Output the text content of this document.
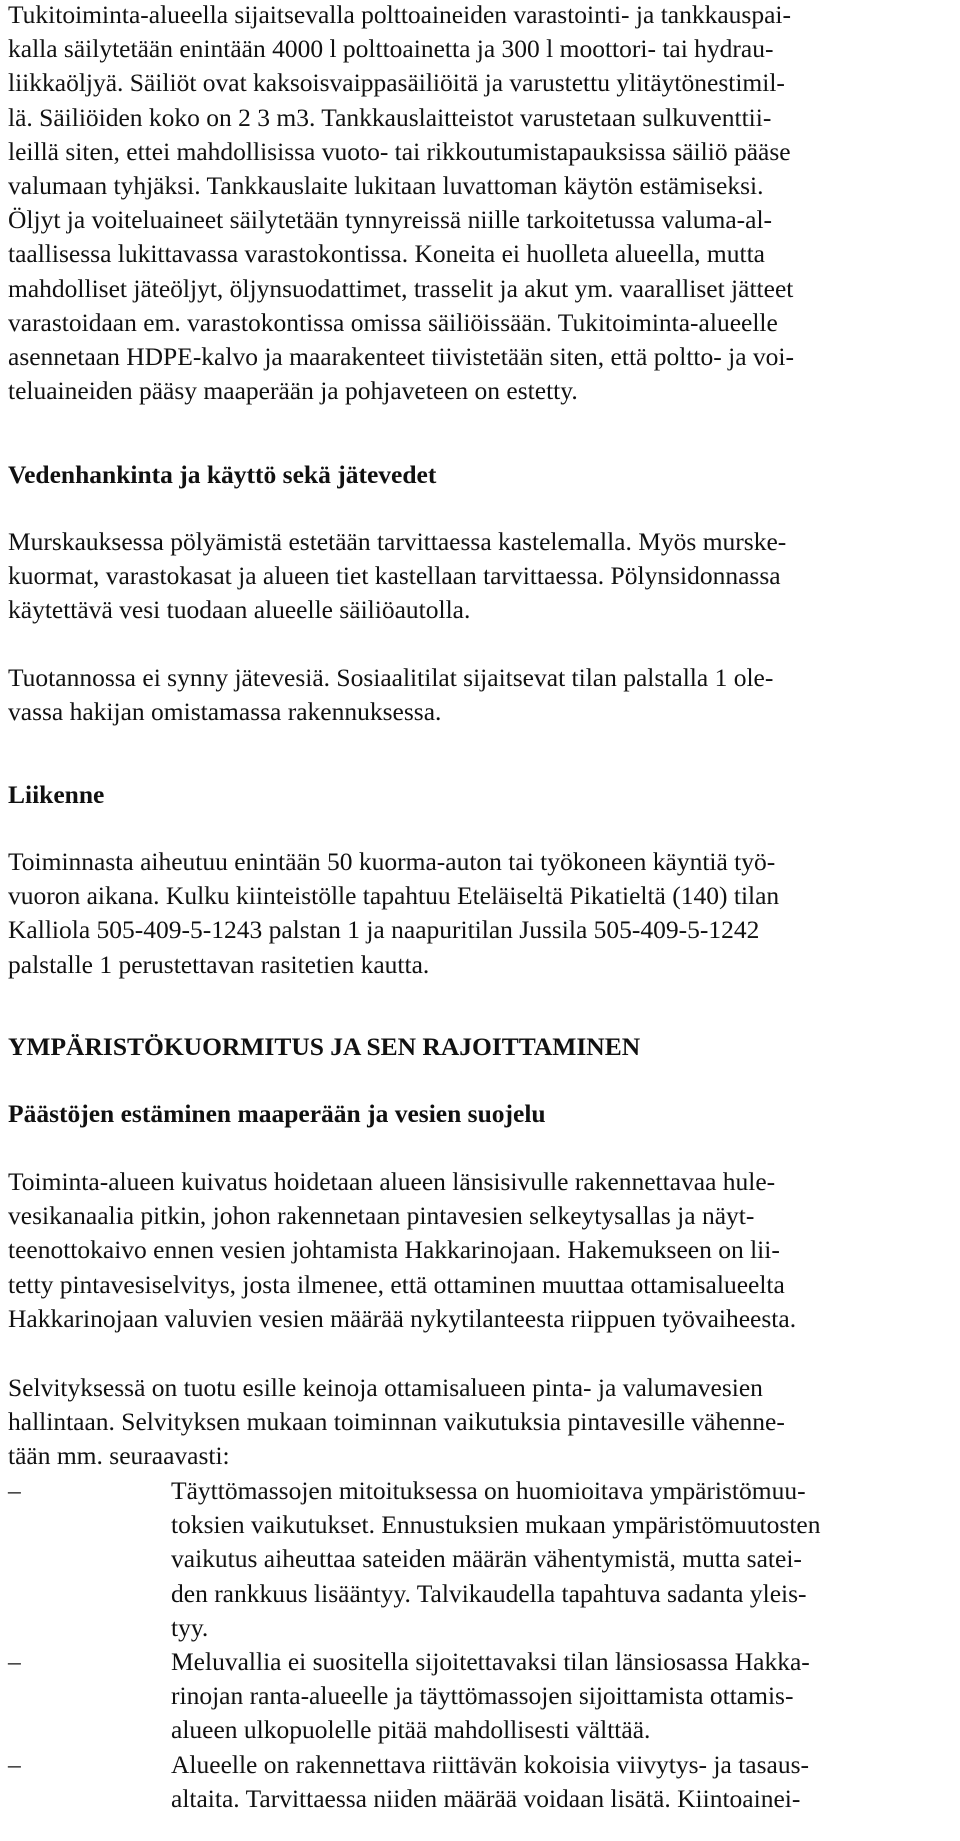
Tukitoiminta-alueella sijaitsevalla polttoaineiden varastointi- ja tankkauspai-
kalla säilytetään enintään 4000 l polttoainetta ja 300 l moottori- tai hydrau-
liikkaöljyä. Säiliöt ovat kaksoisvaippasäiliöitä ja varustettu ylitäytönestimil-
lä. Säiliöiden koko on 2 3 m3. Tankkauslaitteistot varustetaan sulkuventtii-
leillä siten, ettei mahdollisissa vuoto- tai rikkoutumistapauksissa säiliö pääse
valumaan tyhjäksi. Tankkauslaite lukitaan luvattoman käytön estämiseksi.
Öljyt ja voiteluaineet säilytetään tynnyreissä niille tarkoitetussa valuma-al-
taallisessa lukittavassa varastokontissa. Koneita ei huolleta alueella, mutta
mahdolliset jäteöljyt, öljynsuodattimet, trasselit ja akut ym. vaaralliset jätteet
varastoidaan em. varastokontissa omissa säiliöissään. Tukitoiminta-alueelle
asennetaan HDPE-kalvo ja maarakenteet tiivistetään siten, että poltto- ja voi-
teluaineiden pääsy maaperään ja pohjaveteen on estetty.
Vedenhankinta ja käyttö sekä jätevedet
Murskauksessa pölyämistä estetään tarvittaessa kastelemalla. Myös murske-
kuormat, varastokasat ja alueen tiet kastellaan tarvittaessa. Pölynsidonnassa
käytettävä vesi tuodaan alueelle säiliöautolla.
Tuotannossa ei synny jätevesiä. Sosiaalitilat sijaitsevat tilan palstalla 1 ole-
vassa hakijan omistamassa rakennuksessa.
Liikenne
Toiminnasta aiheutuu enintään 50 kuorma-auton tai työkoneen käyntiä työ-
vuoron aikana. Kulku kiinteistölle tapahtuu Eteläiseltä Pikatieltä (140) tilan
Kalliola 505-409-5-1243 palstan 1 ja naapuritilan Jussila 505-409-5-1242
palstalle 1 perustettavan rasitetien kautta.
YMPÄRISTÖKUORMITUS JA SEN RAJOITTAMINEN
Päästöjen estäminen maaperään ja vesien suojelu
Toiminta-alueen kuivatus hoidetaan alueen länsisivulle rakennettavaa hule-
vesikanaalia pitkin, johon rakennetaan pintavesien selkeytysallas ja näyt-
teenottokaivo ennen vesien johtamista Hakkarinojaan. Hakemukseen on lii-
tetty pintavesiselvitys, josta ilmenee, että ottaminen muuttaa ottamisalueelta
Hakkarinojaan valuvien vesien määrää nykytilanteesta riippuen työvaiheesta.
Selvityksessä on tuotu esille keinoja ottamisalueen pinta- ja valumavesien
hallintaan. Selvityksen mukaan toiminnan vaikutuksia pintavesille vähenne-
tään mm. seuraavasti:
–	Täyttömassojen mitoituksessa on huomioitava ympäristömuu-
toksien vaikutukset. Ennustuksien mukaan ympäristömuutosten
vaikutus aiheuttaa sateiden määrän vähentymistä, mutta satei-
den rankkuus lisääntyy. Talvikaudella tapahtuva sadanta yleis-
tyy.
–	Meluvallia ei suositella sijoitettavaksi tilan länsiosassa Hakka-
rinojan ranta-alueelle ja täyttömassojen sijoittamista ottamis-
alueen ulkopuolelle pitää mahdollisesti välttää.
–	Alueelle on rakennettava riittävän kokoisia viivytys- ja tasaus-
altaita. Tarvittaessa niiden määrää voidaan lisätä. Kiintoainei-
